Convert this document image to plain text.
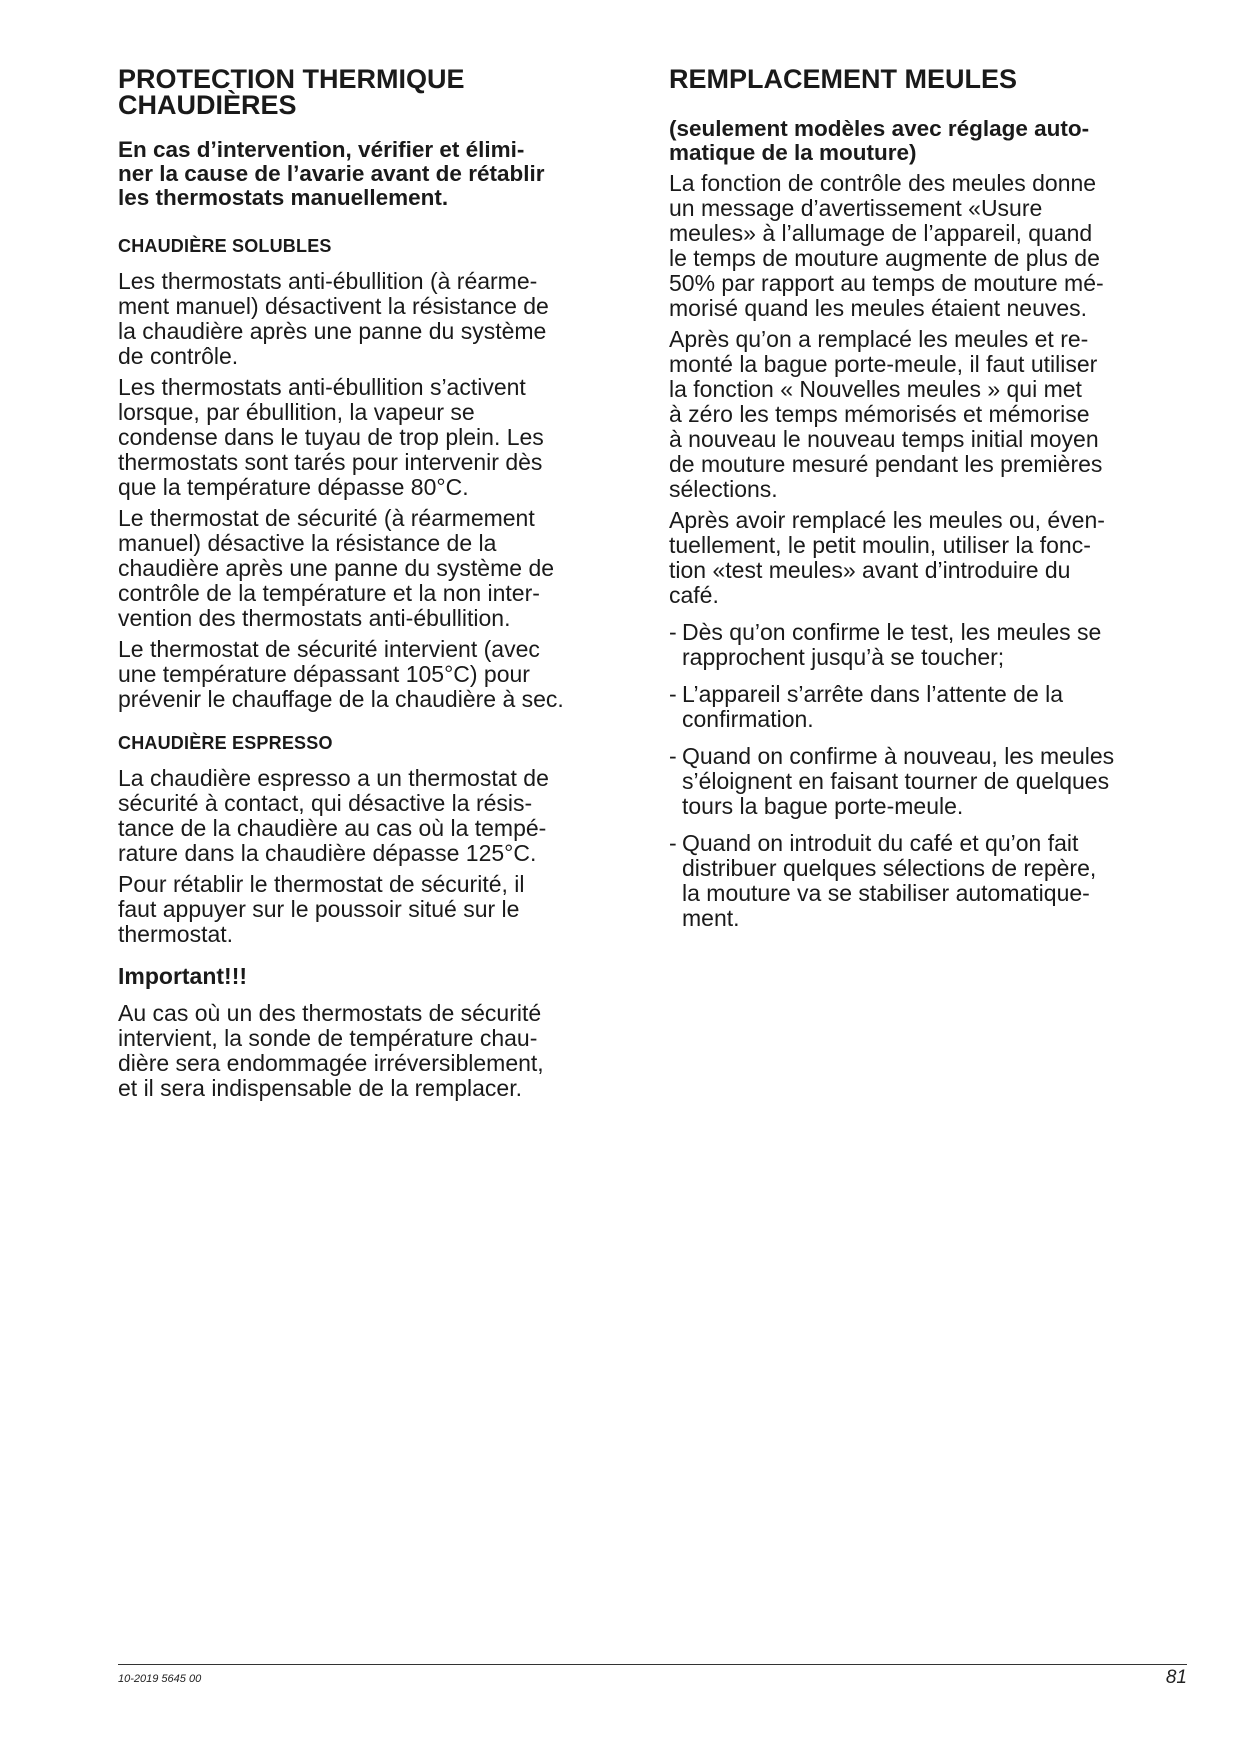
PROTECTION THERMIQUE
CHAUDIÈRES

En cas d’intervention, vérifier et élimi-
ner la cause de l’avarie avant de rétablir
les thermostats manuellement.

CHAUDIÈRE SOLUBLES

Les thermostats anti-ébullition (à réarme-
ment manuel) désactivent la résistance de
la chaudière après une panne du système
de contrôle.

Les thermostats anti-ébullition s’activent
lorsque, par ébullition, la vapeur se
condense dans le tuyau de trop plein. Les
thermostats sont tarés pour intervenir dès
que la température dépasse 80°C.

Le thermostat de sécurité (à réarmement
manuel) désactive la résistance de la
chaudière après une panne du système de
contrôle de la température et la non inter-
vention des thermostats anti-ébullition.

Le thermostat de sécurité intervient (avec
une température dépassant 105°C) pour
prévenir le chauffage de la chaudière à sec.

CHAUDIÈRE ESPRESSO

La chaudière espresso a un thermostat de
sécurité à contact, qui désactive la résis-
tance de la chaudière au cas où la tempé-
rature dans la chaudière dépasse 125°C.

Pour rétablir le thermostat de sécurité, il
faut appuyer sur le poussoir situé sur le
thermostat.

Important!!!

Au cas où un des thermostats de sécurité
intervient, la sonde de température chau-
dière sera endommagée irréversiblement,
et il sera indispensable de la remplacer.

REMPLACEMENT MEULES

(seulement modèles avec réglage auto-
matique de la mouture)

La fonction de contrôle des meules donne
un message d’avertissement «Usure
meules» à l’allumage de l’appareil, quand
le temps de mouture augmente de plus de
50% par rapport au temps de mouture mé-
morisé quand les meules étaient neuves.

Après qu’on a remplacé les meules et re-
monté la bague porte-meule, il faut utiliser
la fonction « Nouvelles meules » qui met
à zéro les temps mémorisés et mémorise
à nouveau le nouveau temps initial moyen
de mouture mesuré pendant les premières
sélections.

Après avoir remplacé les meules ou, éven-
tuellement, le petit moulin, utiliser la fonc-
tion «test meules» avant d’introduire du
café.

- Dès qu’on confirme le test, les meules se
rapprochent jusqu’à se toucher;
- L’appareil s’arrête dans l’attente de la
confirmation.
- Quand on confirme à nouveau, les meules
s’éloignent en faisant tourner de quelques
tours la bague porte-meule.
- Quand on introduit du café et qu’on fait
distribuer quelques sélections de repère,
la mouture va se stabiliser automatique-
ment.
10-2019 5645 00	81
